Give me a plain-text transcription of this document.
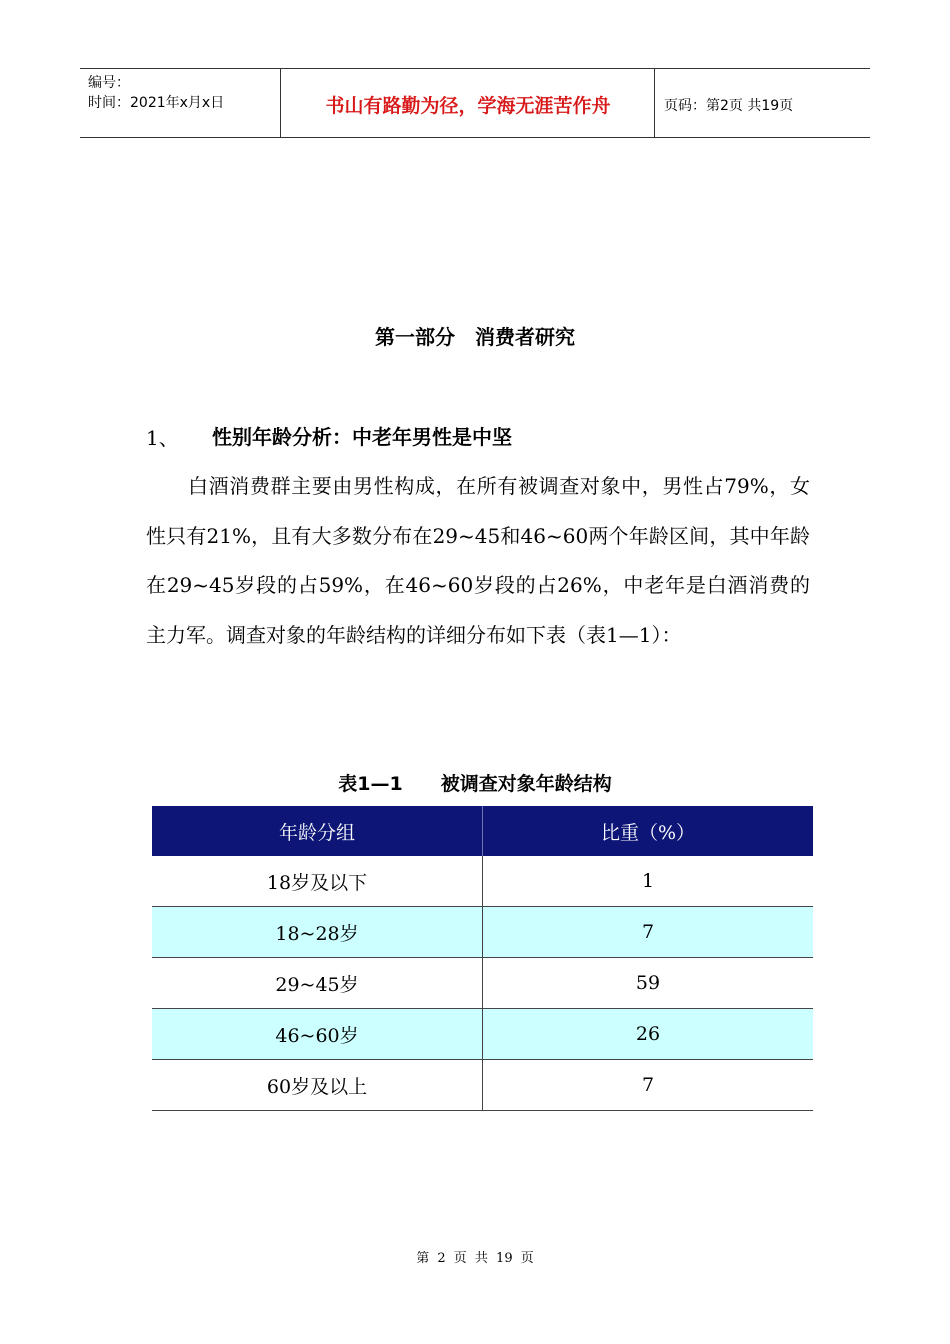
编号：
时间：2021年x月x日	书山有路勤为径，学海无涯苦作舟	页码：第2页 共19页
第一部分　消费者研究
1、 性别年龄分析：中老年男性是中坚

白酒消费群主要由男性构成，在所有被调查对象中，男性占79%，女性只有21%，且有大多数分布在29~45和46~60两个年龄区间，其中年龄在29~45岁段的占59%，在46~60岁段的占26%，中老年是白酒消费的主力军。调查对象的年龄结构的详细分布如下表（表1—1）：

表1—1　　被调查对象年龄结构
年龄分组	比重（%）
18岁及以下	1
18~28岁	7
29~45岁	59
46~60岁	26
60岁及以上	7
第 2 页 共 19 页
